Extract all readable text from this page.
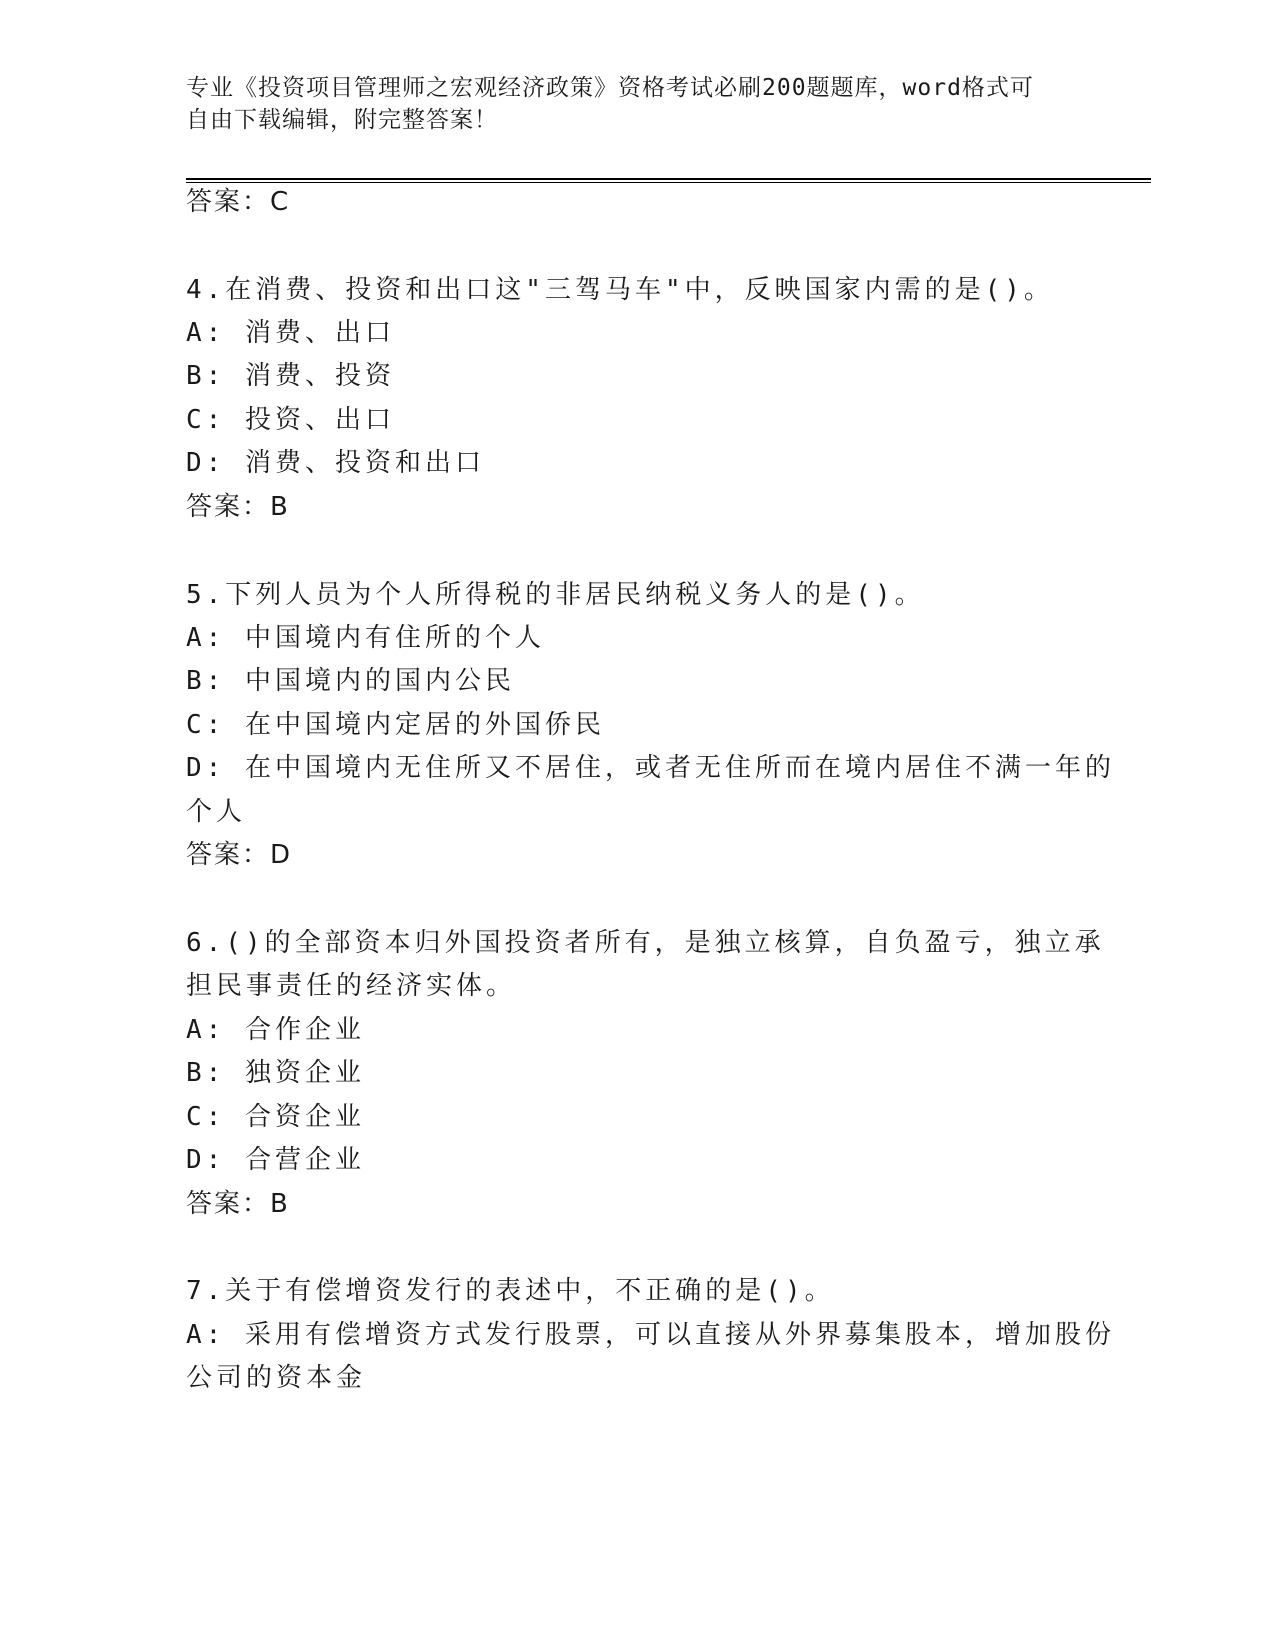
专业《投资项目管理师之宏观经济政策》资格考试必刷200题题库，word格式可
自由下载编辑，附完整答案！
答案：C
4.在消费、投资和出口这"三驾马车"中，反映国家内需的是()。
A: 消费、出口
B: 消费、投资
C: 投资、出口
D: 消费、投资和出口
答案：B
5.下列人员为个人所得税的非居民纳税义务人的是()。
A: 中国境内有住所的个人
B: 中国境内的国内公民
C: 在中国境内定居的外国侨民
D: 在中国境内无住所又不居住，或者无住所而在境内居住不满一年的
个人
答案：D
6.()的全部资本归外国投资者所有，是独立核算，自负盈亏，独立承
担民事责任的经济实体。
A: 合作企业
B: 独资企业
C: 合资企业
D: 合营企业
答案：B
7.关于有偿增资发行的表述中，不正确的是()。
A: 采用有偿增资方式发行股票，可以直接从外界募集股本，增加股份
公司的资本金
